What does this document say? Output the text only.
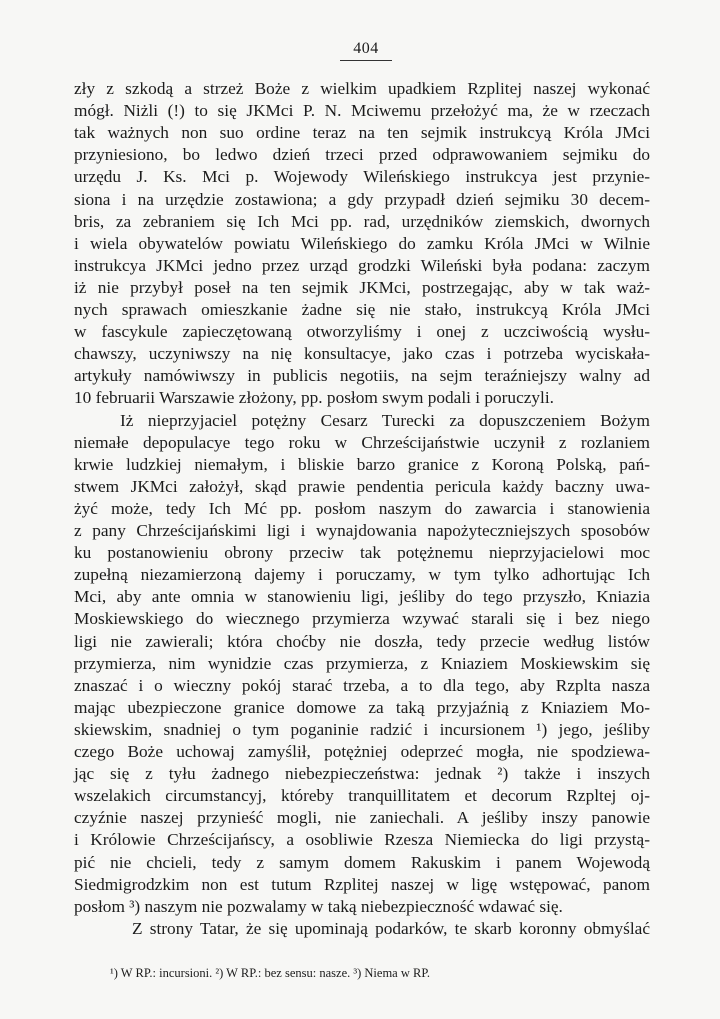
404
zły z szkodą a strzeż Boże z wielkim upadkiem Rzplitej naszej wykonać
mógł. Niżli (!) to się JKMci P. N. Mciwemu przełożyć ma, że w rzeczach
tak ważnych non suo ordine teraz na ten sejmik instrukcyą Króla JMci
przyniesiono, bo ledwo dzień trzeci przed odprawowaniem sejmiku do
urzędu J. Ks. Mci p. Wojewody Wileńskiego instrukcya jest przynie-
siona i na urzędzie zostawiona; a gdy przypadł dzień sejmiku 30 decem-
bris, za zebraniem się Ich Mci pp. rad, urzędników ziemskich, dwornych
i wiela obywatelów powiatu Wileńskiego do zamku Króla JMci w Wilnie
instrukcya JKMci jedno przez urząd grodzki Wileński była podana: zaczym
iż nie przybył poseł na ten sejmik JKMci, postrzegając, aby w tak waż-
nych sprawach omieszkanie żadne się nie stało, instrukcyą Króla JMci
w fascykule zapieczętowaną otworzyliśmy i onej z uczciwością wysłu-
chawszy, uczyniwszy na nię konsultacye, jako czas i potrzeba wyciskała-
artykuły namówiwszy in publicis negotiis, na sejm teraźniejszy walny ad
10 februarii Warszawie złożony, pp. posłom swym podali i poruczyli.
Iż nieprzyjaciel potężny Cesarz Turecki za dopuszczeniem Bożym
niemałe depopulacye tego roku w Chrześcijaństwie uczynił z rozlaniem
krwie ludzkiej niemałym, i bliskie barzo granice z Koroną Polską, pań-
stwem JKMci założył, skąd prawie pendentia pericula każdy baczny uwa-
żyć może, tedy Ich Mć pp. posłom naszym do zawarcia i stanowienia
z pany Chrześcijańskimi ligi i wynajdowania napożyteczniejszych sposobów
ku postanowieniu obrony przeciw tak potężnemu nieprzyjacielowi moc
zupełną niezamierzoną dajemy i poruczamy, w tym tylko adhortując Ich
Mci, aby ante omnia w stanowieniu ligi, jeśliby do tego przyszło, Kniazia
Moskiewskiego do wiecznego przymierza wzywać starali się i bez niego
ligi nie zawierali; która choćby nie doszła, tedy przecie według listów
przymierza, nim wynidzie czas przymierza, z Kniaziem Moskiewskim się
znaszać i o wieczny pokój starać trzeba, a to dla tego, aby Rzplta nasza
mając ubezpieczone granice domowe za taką przyjaźnią z Kniaziem Mo-
skiewskim, snadniej o tym poganinie radzić i incursionem ¹) jego, jeśliby
czego Boże uchowaj zamyślił, potężniej odeprzeć mogła, nie spodziewa-
jąc się z tyłu żadnego niebezpieczeństwa: jednak ²) także i inszych
wszelakich circumstancyj, któreby tranquillitatem et decorum Rzpltej oj-
czyźnie naszej przynieść mogli, nie zaniechali. A jeśliby inszy panowie
i Królowie Chrześcijańscy, a osobliwie Rzesza Niemiecka do ligi przystą-
pić nie chcieli, tedy z samym domem Rakuskim i panem Wojewodą
Siedmigrodzkim non est tutum Rzplitej naszej w ligę wstępować, panom
posłom ³) naszym nie pozwalamy w taką niebezpieczność wdawać się.
Z strony Tatar, że się upominają podarków, te skarb koronny obmyślać
¹) W RP.: incursioni. ²) W RP.: bez sensu: nasze. ³) Niema w RP.
